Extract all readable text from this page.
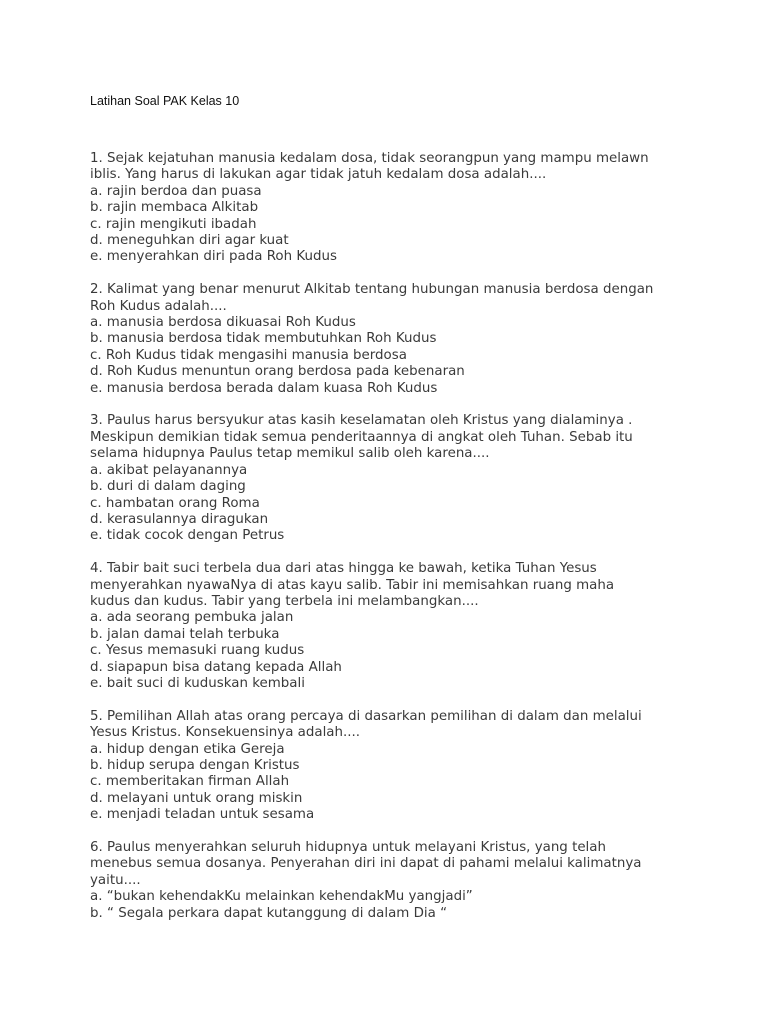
Latihan Soal PAK Kelas 10

1. Sejak kejatuhan manusia kedalam dosa, tidak seorangpun yang mampu melawn
iblis. Yang harus di lakukan agar tidak jatuh kedalam dosa adalah....

a. rajin berdoa dan puasa
b. rajin membaca Alkitab
c. rajin mengikuti ibadah
d. meneguhkan diri agar kuat
e. menyerahkan diri pada Roh Kudus

2. Kalimat yang benar menurut Alkitab tentang hubungan manusia berdosa dengan
Roh Kudus adalah....

a. manusia berdosa dikuasai Roh Kudus
b. manusia berdosa tidak membutuhkan Roh Kudus
c. Roh Kudus tidak mengasihi manusia berdosa
d. Roh Kudus menuntun orang berdosa pada kebenaran
e. manusia berdosa berada dalam kuasa Roh Kudus

3. Paulus harus bersyukur atas kasih keselamatan oleh Kristus yang dialaminya .
Meskipun demikian tidak semua penderitaannya di angkat oleh Tuhan. Sebab itu
selama hidupnya Paulus tetap memikul salib oleh karena....

a. akibat pelayanannya
b. duri di dalam daging
c. hambatan orang Roma
d. kerasulannya diragukan
e. tidak cocok dengan Petrus

4. Tabir bait suci terbela dua dari atas hingga ke bawah, ketika Tuhan Yesus
menyerahkan nyawaNya di atas kayu salib. Tabir ini memisahkan ruang maha
kudus dan kudus. Tabir yang terbela ini melambangkan....

a. ada seorang pembuka jalan
b. jalan damai telah terbuka
c. Yesus memasuki ruang kudus
d. siapapun bisa datang kepada Allah
e. bait suci di kuduskan kembali

5. Pemilihan Allah atas orang percaya di dasarkan pemilihan di dalam dan melalui
Yesus Kristus. Konsekuensinya adalah....

a. hidup dengan etika Gereja
b. hidup serupa dengan Kristus
c. memberitakan firman Allah
d. melayani untuk orang miskin
e. menjadi teladan untuk sesama

6. Paulus menyerahkan seluruh hidupnya untuk melayani Kristus, yang telah
menebus semua dosanya. Penyerahan diri ini dapat di pahami melalui kalimatnya
yaitu....

a. “bukan kehendakKu melainkan kehendakMu yangjadi”
b. “ Segala perkara dapat kutanggung di dalam Dia “
